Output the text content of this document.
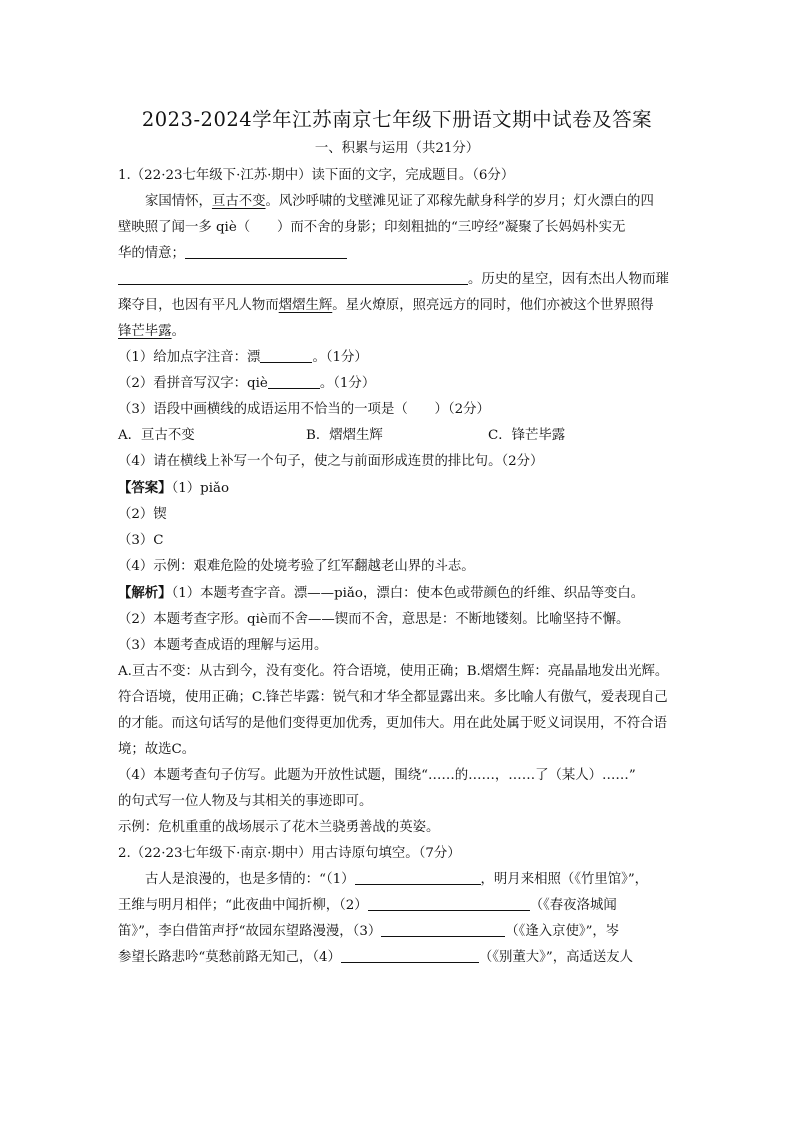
2023-2024学年江苏南京七年级下册语文期中试卷及答案
一、积累与运用（共21分）

1.（22·23七年级下·江苏·期中）读下面的文字，完成题目。（6分）

家国情怀，亘古不变。风沙呼啸的戈壁滩见证了邓稼先献身科学的岁月；灯火漂白的四

壁映照了闻一多 qiè（　　）而不舍的身影；印刻粗拙的“三哼经”凝聚了长妈妈朴实无

华的情意；

。历史的星空，因有杰出人物而璀

璨夺目，也因有平凡人物而熠熠生辉。星火燎原，照亮远方的同时，他们亦被这个世界照得

锋芒毕露。

（1）给加点字注音：漂	。（1分）

（2）看拼音写汉字：qiè	。（1分）

（3）语段中画横线的成语运用不恰当的一项是（　　）（2分）

A．亘古不变	B．熠熠生辉	C．锋芒毕露

（4）请在横线上补写一个句子，使之与前面形成连贯的排比句。（2分）

【答案】（1）piǎo

（2）锲

（3）C

（4）示例：艰难危险的处境考验了红军翻越老山界的斗志。

【解析】（1）本题考查字音。漂——piǎo，漂白：使本色或带颜色的纤维、织品等变白。

（2）本题考查字形。qiè而不舍——锲而不舍，意思是：不断地镂刻。比喻坚持不懈。

（3）本题考查成语的理解与运用。

A.亘古不变：从古到今，没有变化。符合语境，使用正确；B.熠熠生辉：亮晶晶地发出光辉。符合语境，使用正确；C.锋芒毕露：锐气和才华全都显露出来。多比喻人有傲气，爱表现自己的才能。而这句话写的是他们变得更加优秀，更加伟大。用在此处属于贬义词误用，不符合语境；故选C。

（4）本题考查句子仿写。此题为开放性试题，围绕“……的……，……了（某人）……”

的句式写一位人物及与其相关的事迹即可。

示例：危机重重的战场展示了花木兰骁勇善战的英姿。

2.（22·23七年级下·南京·期中）用古诗原句填空。（7分）

古人是浪漫的，也是多情的：“（1）	，明月来相照（《竹里馆》”，

王维与明月相伴；“此夜曲中闻折柳，（2）	（《春夜洛城闻

笛》”，李白借笛声抒“故园东望路漫漫，（3）	（《逢入京使》”，岑

参望长路悲吟“莫愁前路无知己，（4）	（《别董大》”，高适送友人
